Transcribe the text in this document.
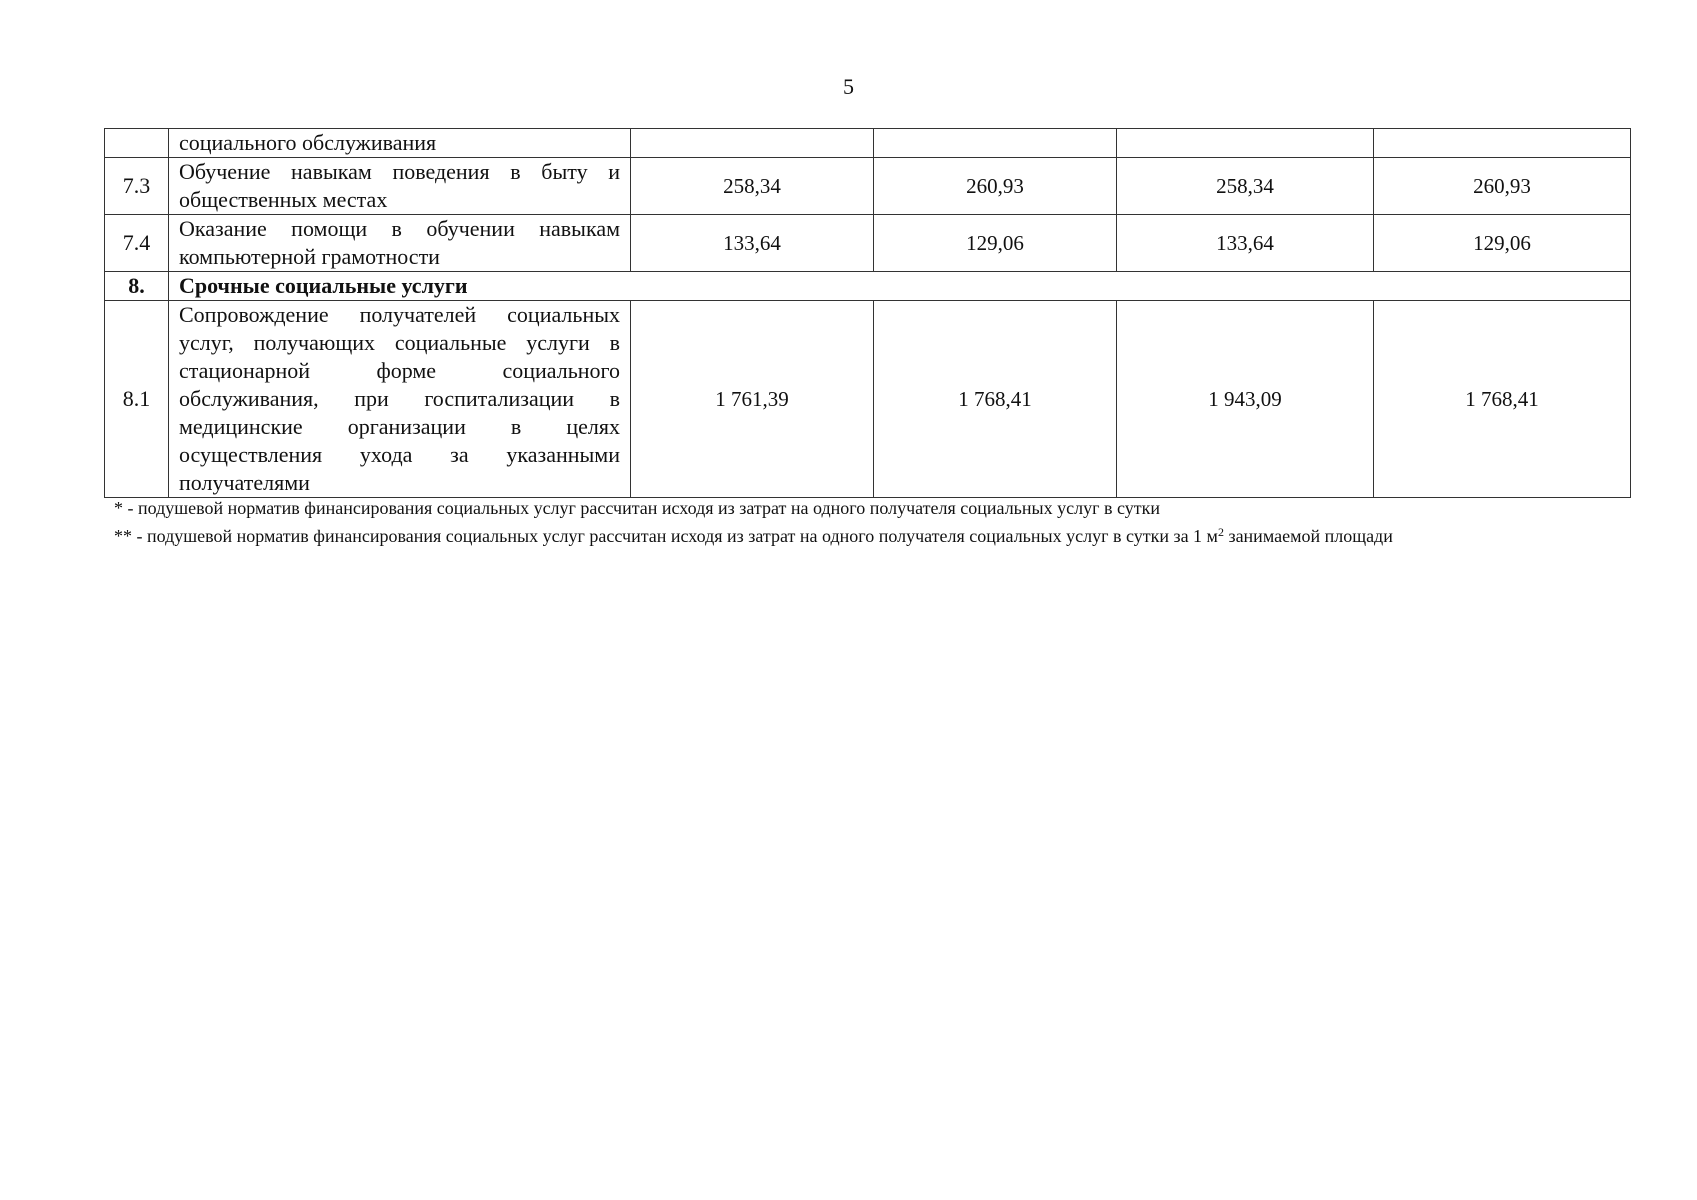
5
	социального обслуживания				
7.3	Обучение навыкам поведения в быту и общественных местах	258,34	260,93	258,34	260,93
7.4	Оказание помощи в обучении навыкам компьютерной грамотности	133,64	129,06	133,64	129,06
8.	Срочные социальные услуги				
8.1	Сопровождение получателей социальных услуг, получающих социальные услуги в стационарной форме социального обслуживания, при госпитализации в медицинские организации в целях осуществления ухода за указанными получателями	1 761,39	1 768,41	1 943,09	1 768,41
* - подушевой норматив финансирования социальных услуг рассчитан исходя из затрат на одного получателя социальных услуг в сутки
** - подушевой норматив финансирования социальных услуг рассчитан исходя из затрат на одного получателя социальных услуг в сутки за 1 $м^2$ занимаемой площади
